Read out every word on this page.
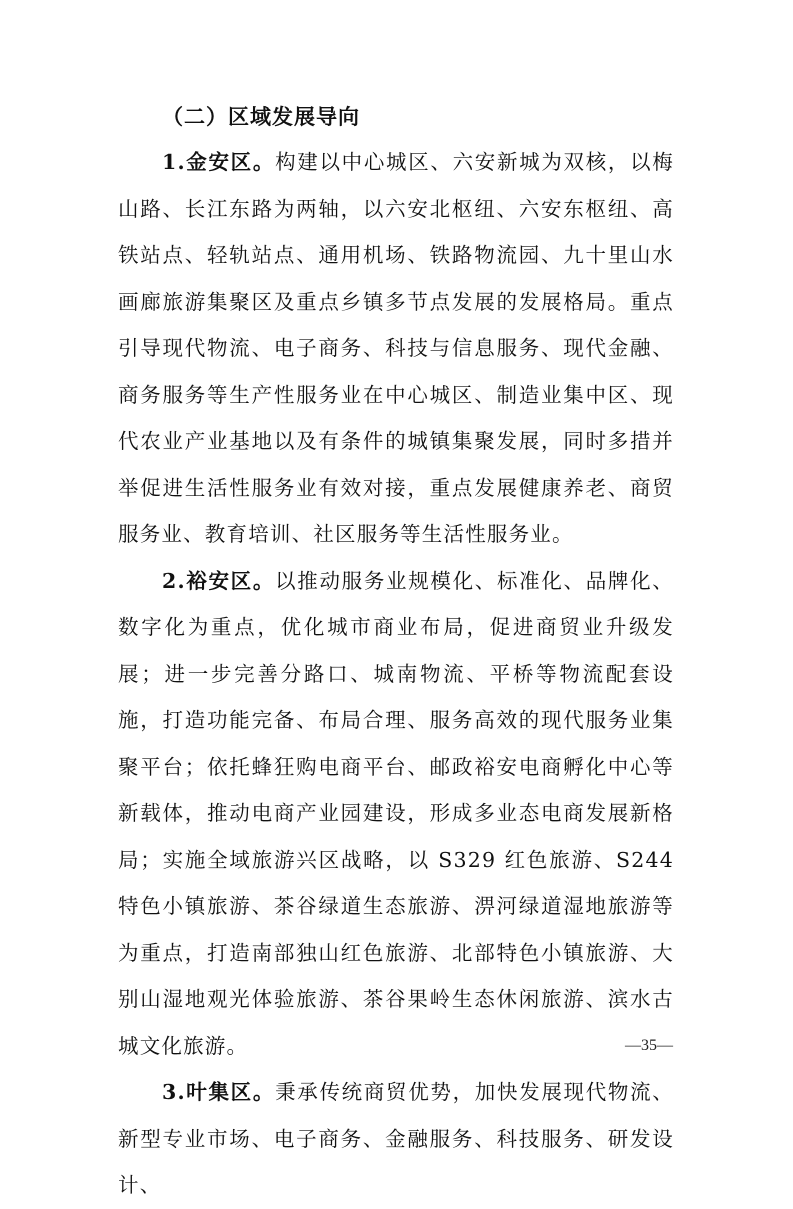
（二）区域发展导向

1.金安区。构建以中心城区、六安新城为双核，以梅山路、长江东路为两轴，以六安北枢纽、六安东枢纽、高铁站点、轻轨站点、通用机场、铁路物流园、九十里山水画廊旅游集聚区及重点乡镇多节点发展的发展格局。重点引导现代物流、电子商务、科技与信息服务、现代金融、商务服务等生产性服务业在中心城区、制造业集中区、现代农业产业基地以及有条件的城镇集聚发展，同时多措并举促进生活性服务业有效对接，重点发展健康养老、商贸服务业、教育培训、社区服务等生活性服务业。

2.裕安区。以推动服务业规模化、标准化、品牌化、数字化为重点，优化城市商业布局，促进商贸业升级发展；进一步完善分路口、城南物流、平桥等物流配套设施，打造功能完备、布局合理、服务高效的现代服务业集聚平台；依托蜂狂购电商平台、邮政裕安电商孵化中心等新载体，推动电商产业园建设，形成多业态电商发展新格局；实施全域旅游兴区战略，以 S329 红色旅游、S244 特色小镇旅游、茶谷绿道生态旅游、淠河绿道湿地旅游等为重点，打造南部独山红色旅游、北部特色小镇旅游、大别山湿地观光体验旅游、茶谷果岭生态休闲旅游、滨水古城文化旅游。

3.叶集区。秉承传统商贸优势，加快发展现代物流、新型专业市场、电子商务、金融服务、科技服务、研发设计、

—35—
